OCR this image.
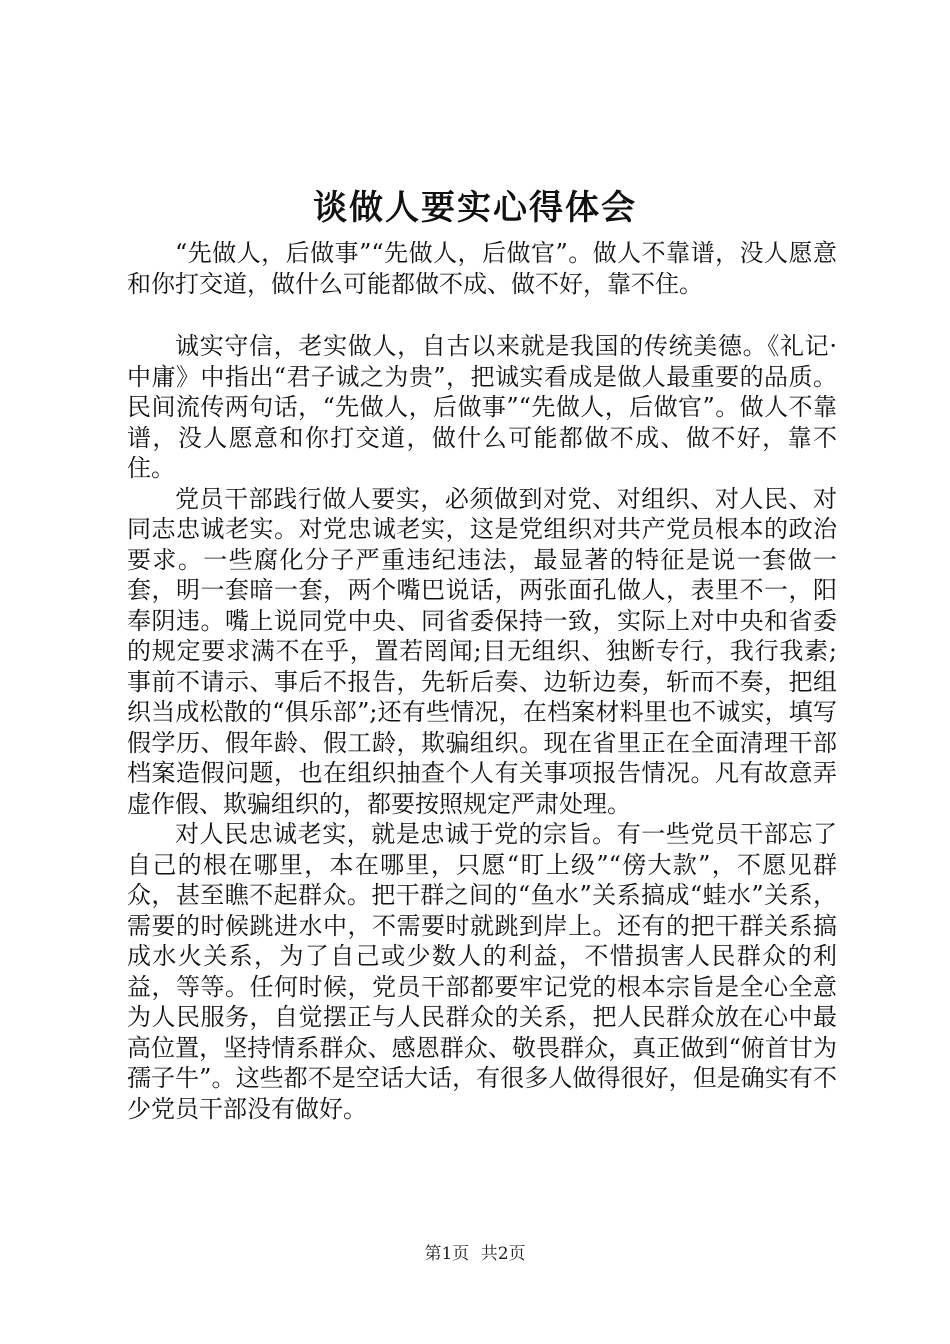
谈做人要实心得体会

“先做人，后做事”“先做人，后做官”。做人不靠谱，没人愿意和你打交道，做什么可能都做不成、做不好，靠不住。

诚实守信，老实做人，自古以来就是我国的传统美德。《礼记·中庸》中指出“君子诚之为贵”，把诚实看成是做人最重要的品质。民间流传两句话，“先做人，后做事”“先做人，后做官”。做人不靠谱，没人愿意和你打交道，做什么可能都做不成、做不好，靠不住。

党员干部践行做人要实，必须做到对党、对组织、对人民、对同志忠诚老实。对党忠诚老实，这是党组织对共产党员根本的政治要求。一些腐化分子严重违纪违法，最显著的特征是说一套做一套，明一套暗一套，两个嘴巴说话，两张面孔做人，表里不一，阳奉阴违。嘴上说同党中央、同省委保持一致，实际上对中央和省委的规定要求满不在乎，置若罔闻;目无组织、独断专行，我行我素;事前不请示、事后不报告，先斩后奏、边斩边奏，斩而不奏，把组织当成松散的“俱乐部”;还有些情况，在档案材料里也不诚实，填写假学历、假年龄、假工龄，欺骗组织。现在省里正在全面清理干部档案造假问题，也在组织抽查个人有关事项报告情况。凡有故意弄虚作假、欺骗组织的，都要按照规定严肃处理。

对人民忠诚老实，就是忠诚于党的宗旨。有一些党员干部忘了自己的根在哪里，本在哪里，只愿“盯上级”“傍大款”，不愿见群众，甚至瞧不起群众。把干群之间的“鱼水”关系搞成“蛙水”关系，需要的时候跳进水中，不需要时就跳到岸上。还有的把干群关系搞成水火关系，为了自己或少数人的利益，不惜损害人民群众的利益，等等。任何时候，党员干部都要牢记党的根本宗旨是全心全意为人民服务，自觉摆正与人民群众的关系，把人民群众放在心中最高位置，坚持情系群众、感恩群众、敬畏群众，真正做到“俯首甘为孺子牛”。这些都不是空话大话，有很多人做得很好，但是确实有不少党员干部没有做好。

第1页 共2页
